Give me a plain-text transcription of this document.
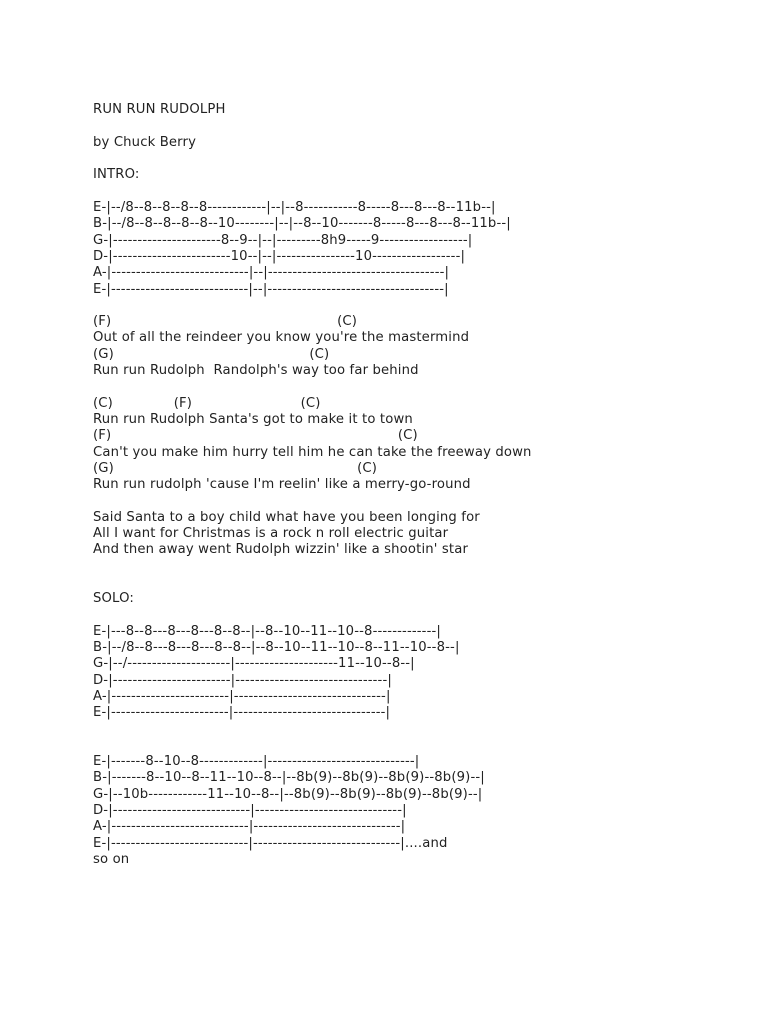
RUN RUN RUDOLPH
by Chuck Berry
INTRO:
E-|--/8--8--8--8--8------------|--|--8-----------8-----8---8---8--11b--|
B-|--/8--8--8--8--8--10--------|--|--8--10-------8-----8---8---8--11b--|
G-|----------------------8--9--|--|---------8h9-----9------------------|
D-|------------------------10--|--|----------------10------------------|
A-|----------------------------|--|------------------------------------|
E-|----------------------------|--|------------------------------------|
(F)                                                    (C)
Out of all the reindeer you know you're the mastermind
(G)                                             (C)
Run run Rudolph  Randolph's way too far behind
(C)              (F)                         (C)
Run run Rudolph Santa's got to make it to town
(F)                                                                  (C)
Can't you make him hurry tell him he can take the freeway down
(G)                                                        (C)
Run run rudolph 'cause I'm reelin' like a merry-go-round
Said Santa to a boy child what have you been longing for
All I want for Christmas is a rock n roll electric guitar
And then away went Rudolph wizzin' like a shootin' star
SOLO:
E-|---8--8---8---8---8--8--|--8--10--11--10--8-------------|
B-|--/8--8---8---8---8--8--|--8--10--11--10--8--11--10--8--|
G-|--/---------------------|---------------------11--10--8--|
D-|------------------------|-------------------------------|
A-|------------------------|-------------------------------|
E-|------------------------|-------------------------------|
E-|-------8--10--8-------------|------------------------------|
B-|-------8--10--8--11--10--8--|--8b(9)--8b(9)--8b(9)--8b(9)--|
G-|--10b------------11--10--8--|--8b(9)--8b(9)--8b(9)--8b(9)--|
D-|----------------------------|------------------------------|
A-|----------------------------|------------------------------|
E-|----------------------------|------------------------------|....and
so on
